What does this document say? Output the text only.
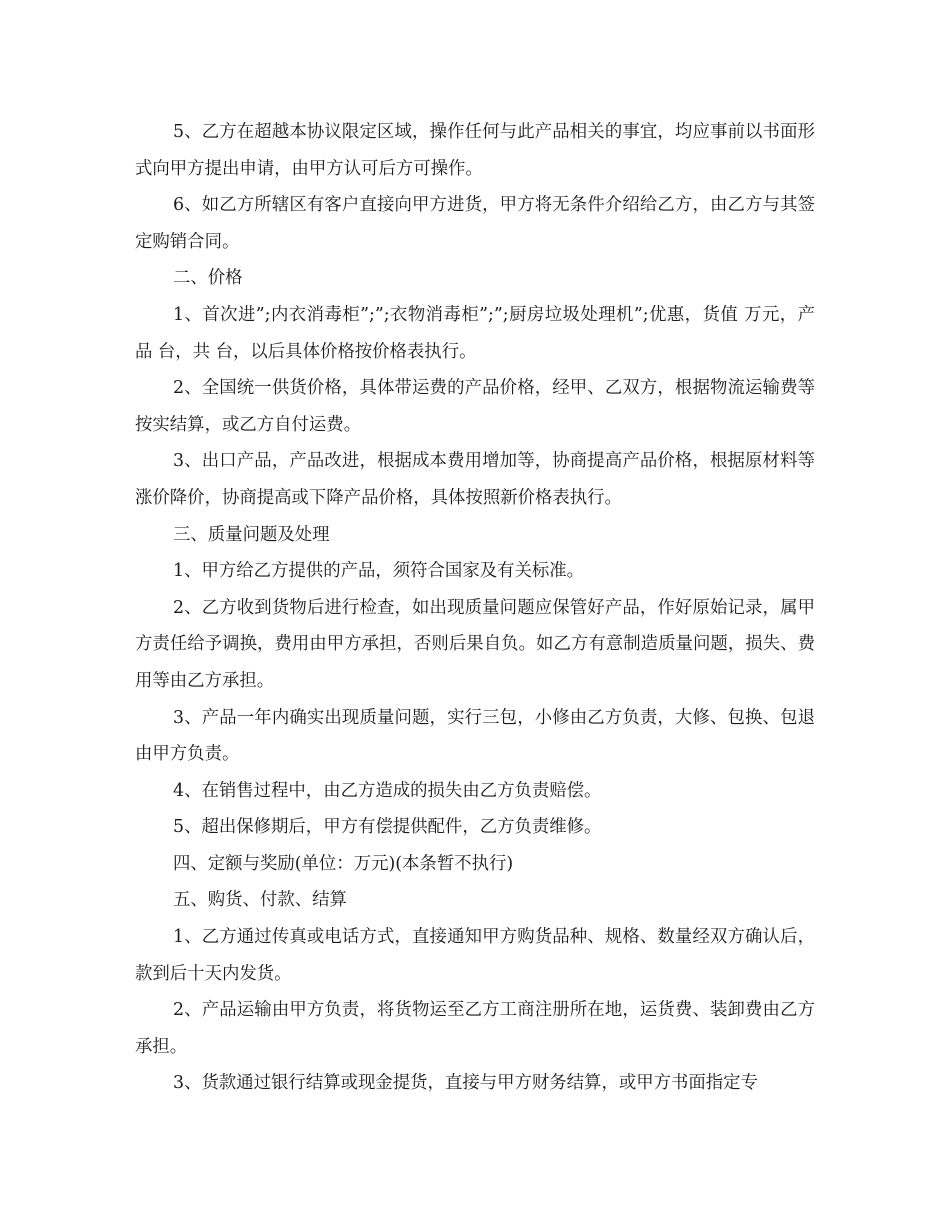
5、乙方在超越本协议限定区域，操作任何与此产品相关的事宜，均应事前以书面形式向甲方提出申请，由甲方认可后方可操作。

6、如乙方所辖区有客户直接向甲方进货，甲方将无条件介绍给乙方，由乙方与其签定购销合同。

二、价格

1、首次进”;内衣消毒柜”;”;衣物消毒柜”;”;厨房垃圾处理机”;优惠，货值 万元，产品 台，共 台，以后具体价格按价格表执行。

2、全国统一供货价格，具体带运费的产品价格，经甲、乙双方，根据物流运输费等按实结算，或乙方自付运费。

3、出口产品，产品改进，根据成本费用增加等，协商提高产品价格，根据原材料等涨价降价，协商提高或下降产品价格，具体按照新价格表执行。

三、质量问题及处理

1、甲方给乙方提供的产品，须符合国家及有关标准。

2、乙方收到货物后进行检查，如出现质量问题应保管好产品，作好原始记录，属甲方责任给予调换，费用由甲方承担，否则后果自负。如乙方有意制造质量问题，损失、费用等由乙方承担。

3、产品一年内确实出现质量问题，实行三包，小修由乙方负责，大修、包换、包退由甲方负责。

4、在销售过程中，由乙方造成的损失由乙方负责赔偿。

5、超出保修期后，甲方有偿提供配件，乙方负责维修。

四、定额与奖励(单位：万元)(本条暂不执行)

五、购货、付款、结算

1、乙方通过传真或电话方式，直接通知甲方购货品种、规格、数量经双方确认后，款到后十天内发货。

2、产品运输由甲方负责，将货物运至乙方工商注册所在地，运货费、装卸费由乙方承担。

3、货款通过银行结算或现金提货，直接与甲方财务结算，或甲方书面指定专
